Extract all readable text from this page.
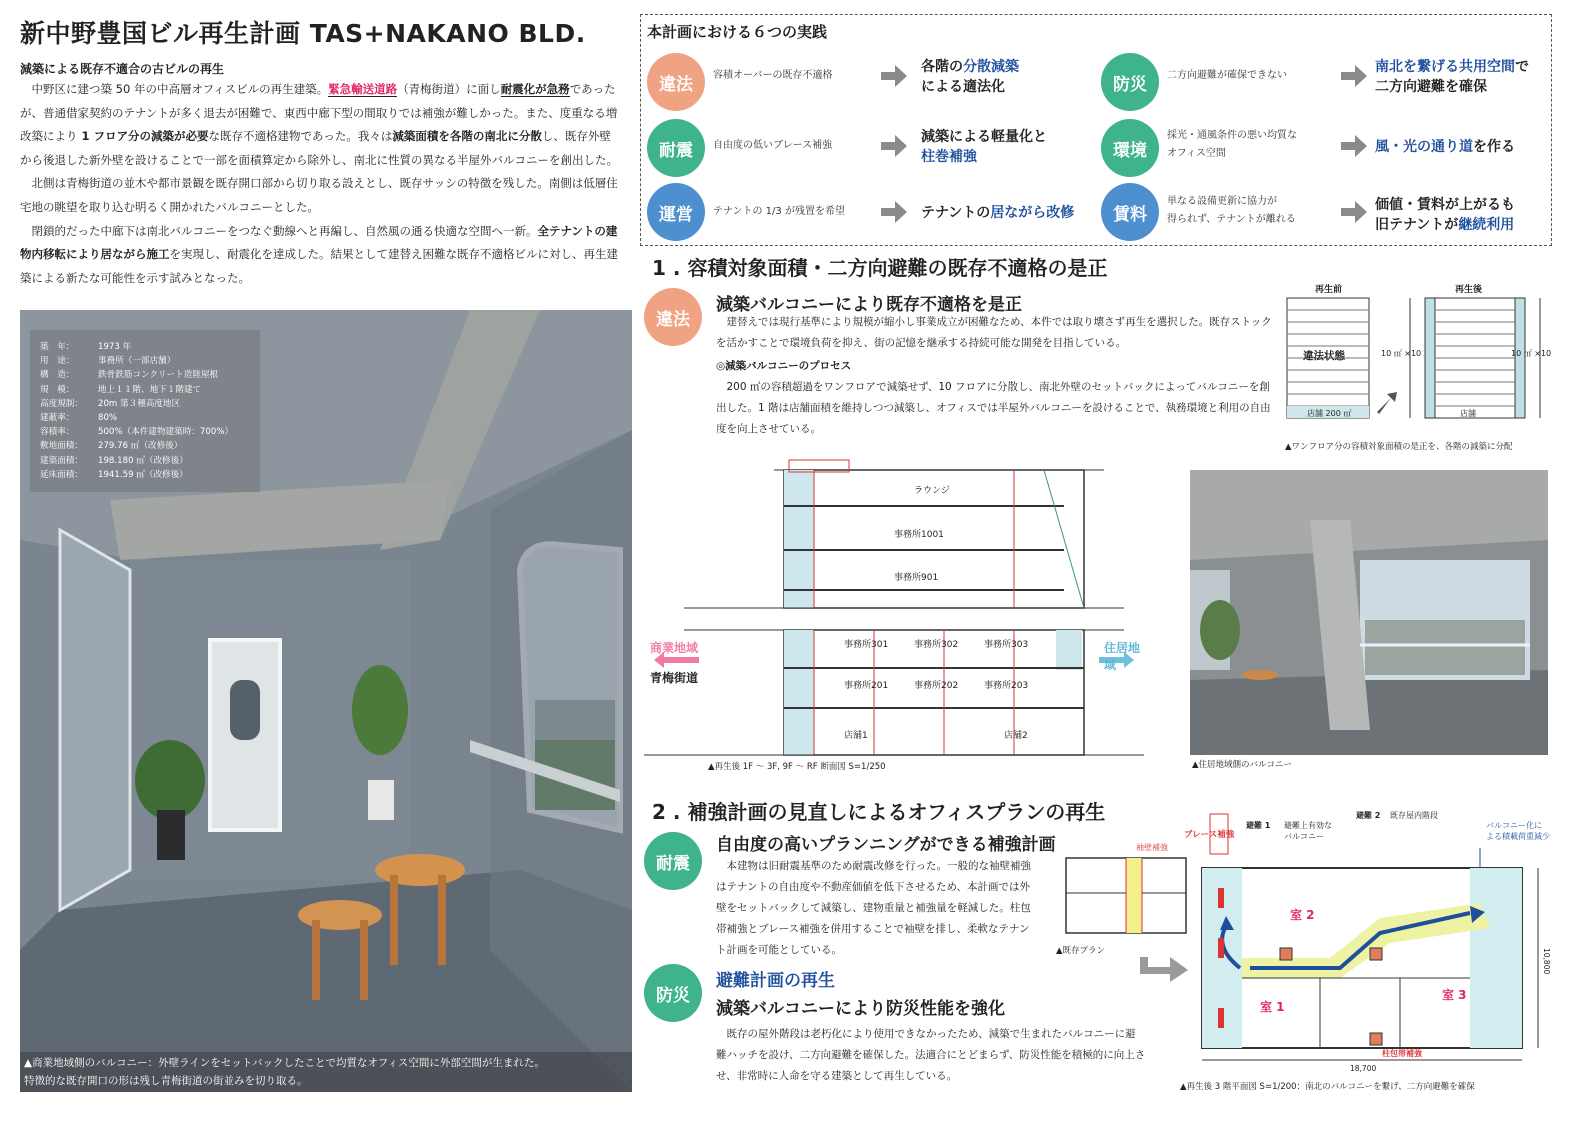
新中野豊国ビル再生計画 TAS+NAKANO BLD.
減築による既存不適合の古ビルの再生

中野区に建つ築 50 年の中高層オフィスビルの再生建築。緊急輸送道路（青梅街道）に面し耐震化が急務であったが、普通借家契約のテナントが多く退去が困難で、東西中廊下型の間取りでは補強が難しかった。また、度重なる増改築により 1 フロア分の減築が必要な既存不適格建物であった。我々は減築面積を各階の南北に分散し、既存外壁から後退した新外壁を設けることで一部を面積算定から除外し、南北に性質の異なる半屋外バルコニーを創出した。

北側は青梅街道の並木や都市景観を既存開口部から切り取る設えとし、既存サッシの特徴を残した。南側は低層住宅地の眺望を取り込む明るく開かれたバルコニーとした。

閉鎖的だった中廊下は南北バルコニーをつなぐ動線へと再編し、自然風の通る快適な空間へ一新。全テナントの建物内移転により居ながら施工を実現し、耐震化を達成した。結果として建替え困難な既存不適格ビルに対し、再生建築による新たな可能性を示す試みとなった。

築　年：	1973 年
用　途：	事務所（一部店舗）
構　造：	鉄骨鉄筋コンクリート造陸屋根
規　模：	地上１１階、地下１階建て
高度規制：	20m 第３種高度地区
建蔽率：	80%
容積率：	500%（本件建物建築時：700%）
敷地面積：	279.76 ㎡（改修後）
建築面積：	198.180 ㎡（改修後）
延床面積：	1941.59 ㎡（改修後）
▲商業地域側のバルコニー：外壁ラインをセットバックしたことで均質なオフィス空間に外部空間が生まれた。
特徴的な既存開口の形は残し青梅街道の街並みを切り取る。
本計画における６つの実践
違法	容積オーバーの既存不適格
各階の分散減築
による適法化
耐震	自由度の低いブレース補強
減築による軽量化と
柱巻補強
運営	テナントの 1/3 が残置を希望	テナントの居ながら改修
防災	二方向避難が確保できない
南北を繋げる共用空間で
二方向避難を確保
環境
採光・通風条件の悪い均質な
オフィス空間	風・光の通り道を作る
賃料
単なる設備更新に協力が
得られず、テナントが離れる
価値・賃料が上がるも
旧テナントが継続利用
1 . 容積対象面積・二方向避難の既存不適格の是正
違法
減築バルコニーにより既存不適格を是正

建替えでは現行基準により規模が縮小し事業成立が困難なため、本件では取り壊さず再生を選択した。既存ストックを活かすことで環境負荷を抑え、街の記憶を継承する持続可能な開発を目指している。

◎減築バルコニーのプロセス

200 ㎡の容積超過をワンフロアで減築せず、10 フロアに分散し、南北外壁のセットバックによってバルコニーを創出した。1 階は店舗面積を維持しつつ減築し、オフィスでは半屋外バルコニーを設けることで、執務環境と利用の自由度を向上させている。

再生前	再生後
違法状態
店舗 200 ㎡	店舗
10 ㎡ ×10	10 ㎡ ×10
▲ワンフロア分の容積対象面積の是正を、各階の減築に分配
ラウンジ
事務所1001
事務所901
事務所301	事務所302	事務所303
事務所201	事務所202	事務所203
店舗1	店舗2
商業地域
青梅街道
住居地域
▲再生後 1F ～ 3F, 9F ～ RF 断面図 S=1/250	▲住居地域側のバルコニー
2 . 補強計画の見直しによるオフィスプランの再生
耐震
自由度の高いプランニングができる補強計画

本建物は旧耐震基準のため耐震改修を行った。一般的な袖壁補強はテナントの自由度や不動産価値を低下させるため、本計画では外壁をセットバックして減築し、建物重量と補強量を軽減した。柱包帯補強とブレース補強を併用することで袖壁を排し、柔軟なテナント計画を可能としている。

袖壁補強
▲既存プラン
防災
避難計画の再生
減築バルコニーにより防災性能を強化

既存の屋外階段は老朽化により使用できなかったため、減築で生まれたバルコニーに避難ハッチを設け、二方向避難を確保した。法適合にとどまらず、防災性能を積極的に向上させ、非常時に人命を守る建築として再生している。

ブレース補強
避難 1 避難上有効な
バルコニー
避難 2 既存屋内階段
バルコニー化に
よる積載荷重減少
室 1
室 2
室 3
柱包帯補強
18,700
10,800
▲再生後 3 階平面図 S=1/200：南北のバルコニーを繋げ、二方向避難を確保
